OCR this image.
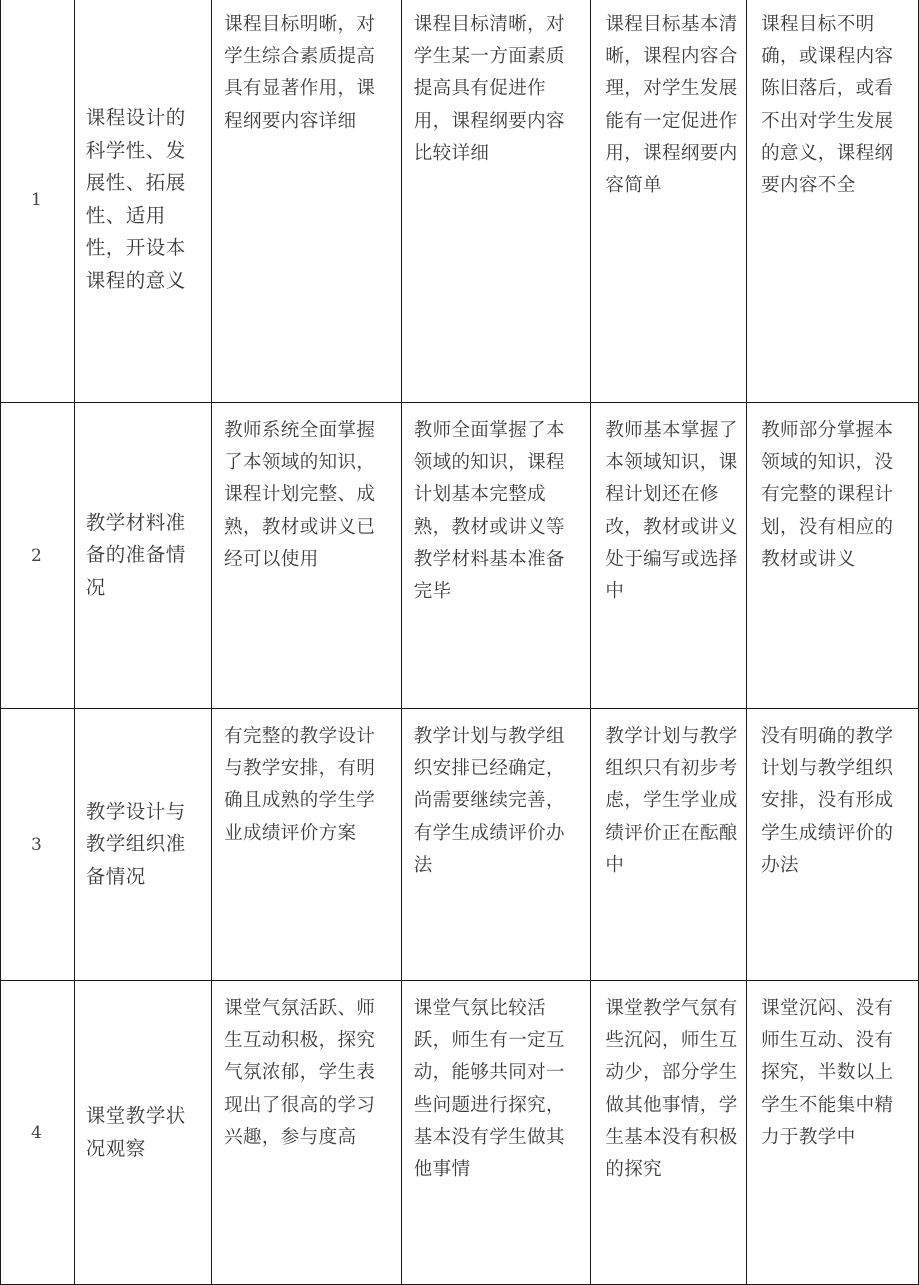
1	课程设计的科学性、发展性、拓展性、适用性，开设本课程的意义	课程目标明晰，对学生综合素质提高具有显著作用，课程纲要内容详细	课程目标清晰，对学生某一方面素质提高具有促进作用，课程纲要内容比较详细	课程目标基本清晰，课程内容合理，对学生发展能有一定促进作用，课程纲要内容简单	课程目标不明确，或课程内容陈旧落后，或看不出对学生发展的意义，课程纲要内容不全	

2	教学材料准备的准备情况	教师系统全面掌握了本领域的知识，课程计划完整、成熟，教材或讲义已经可以使用	教师全面掌握了本领域的知识，课程计划基本完整成熟，教材或讲义等教学材料基本准备完毕	教师基本掌握了本领域知识，课程计划还在修改，教材或讲义处于编写或选择中	教师部分掌握本领域的知识，没有完整的课程计划，没有相应的教材或讲义	

3	教学设计与教学组织准备情况	有完整的教学设计与教学安排，有明确且成熟的学生学业成绩评价方案	教学计划与教学组织安排已经确定，尚需要继续完善，有学生成绩评价办法	教学计划与教学组织只有初步考虑，学生学业成绩评价正在酝酿中	没有明确的教学计划与教学组织安排，没有形成学生成绩评价的办法	

4	课堂教学状况观察	课堂气氛活跃、师生互动积极，探究气氛浓郁，学生表现出了很高的学习兴趣，参与度高	课堂气氛比较活跃，师生有一定互动，能够共同对一些问题进行探究，基本没有学生做其他事情	课堂教学气氛有些沉闷，师生互动少，部分学生做其他事情，学生基本没有积极的探究	课堂沉闷、没有师生互动、没有探究，半数以上学生不能集中精力于教学中	
